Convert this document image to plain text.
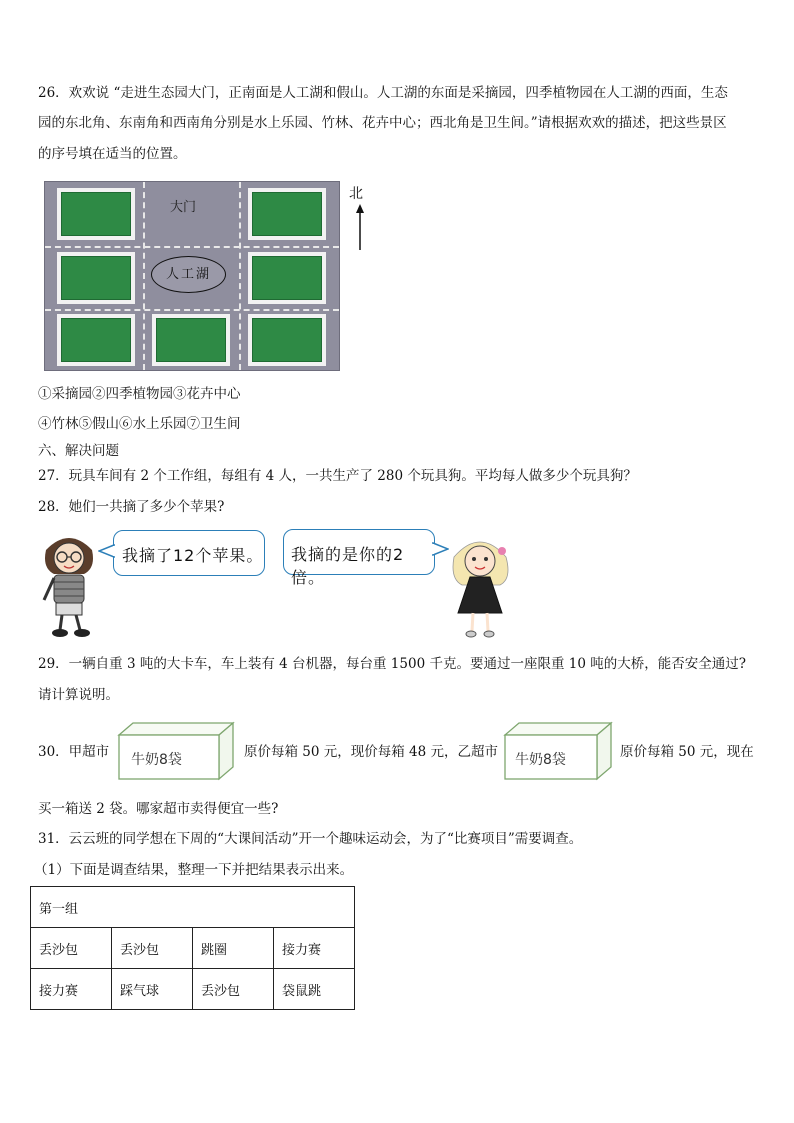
26．欢欢说 “走进生态园大门，正南面是人工湖和假山。人工湖的东面是采摘园，四季植物园在人工湖的西面，生态
园的东北角、东南角和西南角分别是水上乐园、竹林、花卉中心；西北角是卫生间。”请根据欢欢的描述，把这些景区
的序号填在适当的位置。
大门
人工湖
北
①采摘园②四季植物园③花卉中心
④竹林⑤假山⑥水上乐园⑦卫生间
六、解决问题
27．玩具车间有 2 个工作组，每组有 4 人，一共生产了 280 个玩具狗。平均每人做多少个玩具狗？
28．她们一共摘了多少个苹果?
我摘了12个苹果。 我摘的是你的2倍。
29．一辆自重 3 吨的大卡车，车上装有 4 台机器，每台重 1500 千克。要通过一座限重 10 吨的大桥，能否安全通过?
请计算说明。
30．甲超市 牛奶8袋	原价每箱 50 元，现价每箱 48 元，乙超市 牛奶8袋	原价每箱 50 元，现在
买一箱送 2 袋。哪家超市卖得便宜一些?
31．云云班的同学想在下周的“大课间活动”开一个趣味运动会，为了“比赛项目”需要调查。
（1）下面是调查结果，整理一下并把结果表示出来。
第一组			
丢沙包	丢沙包	跳圈	接力赛
接力赛	踩气球	丢沙包	袋鼠跳
